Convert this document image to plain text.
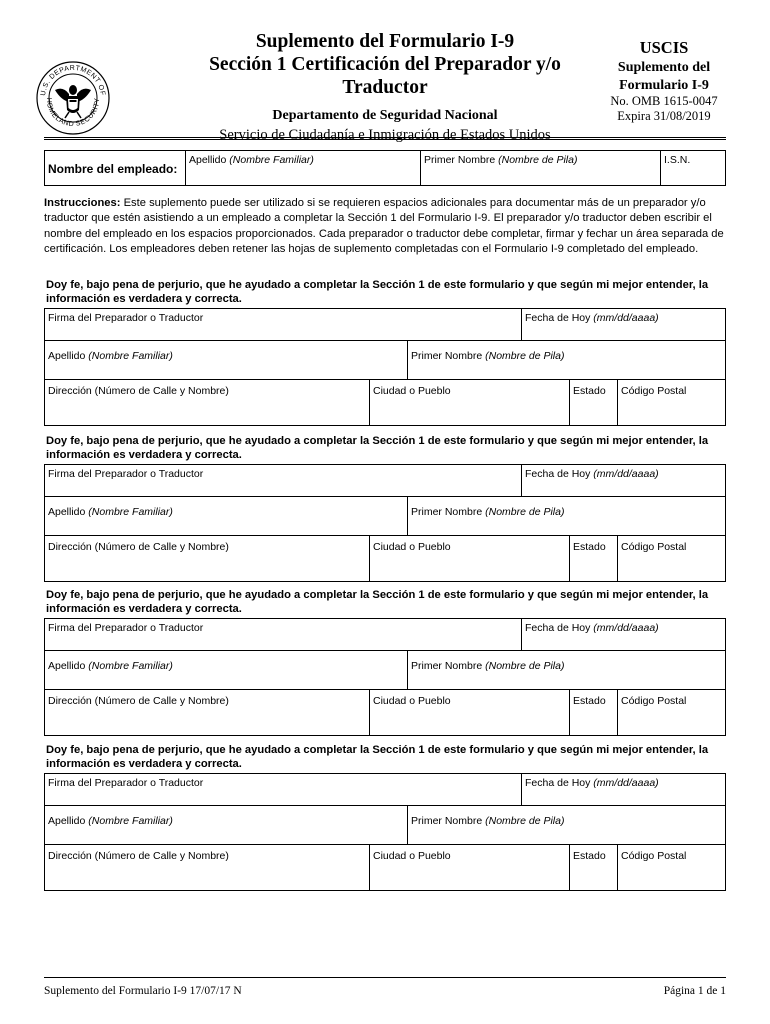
U.S. DEPARTMENT OF
HOMELAND SECURITY
Suplemento del Formulario I-9
Sección 1 Certificación del Preparador y/o Traductor
Departamento de Seguridad Nacional
Servicio de Ciudadanía e Inmigración de Estados Unidos
USCIS
Suplemento del
Formulario I-9
No. OMB 1615-0047
Expira 31/08/2019
Nombre del empleado:
Apellido (Nombre Familiar)	Primer Nombre (Nombre de Pila)	I.S.N.
Instrucciones: Este suplemento puede ser utilizado si se requieren espacios adicionales para documentar más de un preparador y/o traductor que estén asistiendo a un empleado a completar la Sección 1 del Formulario I-9. El preparador y/o traductor deben escribir el nombre del empleado en los espacios proporcionados. Cada preparador o traductor debe completar, firmar y fechar un área separada de certificación. Los empleadores deben retener las hojas de suplemento completadas con el Formulario I-9 completado del empleado.
Doy fe, bajo pena de perjurio, que he ayudado a completar la Sección 1 de este formulario y que según mi mejor entender, la información es verdadera y correcta.
Firma del Preparador o Traductor	Fecha de Hoy (mm/dd/aaaa)
Apellido (Nombre Familiar)	Primer Nombre (Nombre de Pila)
Dirección (Número de Calle y Nombre)	Ciudad o Pueblo	Estado	Código Postal
Doy fe, bajo pena de perjurio, que he ayudado a completar la Sección 1 de este formulario y que según mi mejor entender, la información es verdadera y correcta.
Firma del Preparador o Traductor	Fecha de Hoy (mm/dd/aaaa)
Apellido (Nombre Familiar)	Primer Nombre (Nombre de Pila)
Dirección (Número de Calle y Nombre)	Ciudad o Pueblo	Estado	Código Postal
Doy fe, bajo pena de perjurio, que he ayudado a completar la Sección 1 de este formulario y que según mi mejor entender, la información es verdadera y correcta.
Firma del Preparador o Traductor	Fecha de Hoy (mm/dd/aaaa)
Apellido (Nombre Familiar)	Primer Nombre (Nombre de Pila)
Dirección (Número de Calle y Nombre)	Ciudad o Pueblo	Estado	Código Postal
Doy fe, bajo pena de perjurio, que he ayudado a completar la Sección 1 de este formulario y que según mi mejor entender, la información es verdadera y correcta.
Firma del Preparador o Traductor	Fecha de Hoy (mm/dd/aaaa)
Apellido (Nombre Familiar)	Primer Nombre (Nombre de Pila)
Dirección (Número de Calle y Nombre)	Ciudad o Pueblo	Estado	Código Postal
Suplemento del Formulario I-9 17/07/17 N	Página 1 de 1
